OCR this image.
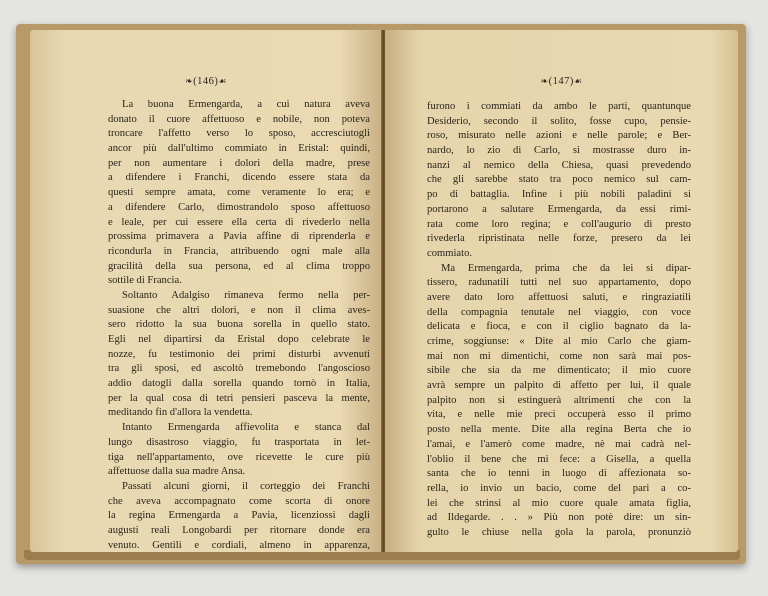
❧(146)☙
La buona Ermengarda, a cui natura aveva
donato il cuore affettuoso e nobile, non poteva
troncare l'affetto verso lo sposo, accresciutogli
ancor più dall'ultimo commiato in Eristal: quindi,
per non aumentare i dolori della madre, prese
a difendere i Franchi, dicendo essere stata da
questi sempre amata, come veramente lo era; e
a difendere Carlo, dimostrandolo sposo affettuoso
e leale, per cui essere ella certa di rivederlo nella
prossima primavera a Pavia affine di riprenderla e
ricondurla in Francia, attribuendo ogni male alla
gracilità della sua persona, ed al clima troppo
sottile di Francia.
Soltanto Adalgiso rimaneva fermo nella per-
suasione che altri dolori, e non il clima aves-
sero ridotto la sua buona sorella in quello stato.
Egli nel dipartirsi da Eristal dopo celebrate le
nozze, fu testimonio dei primi disturbi avvenuti
tra gli sposi, ed ascoltò tremebondo l'angoscioso
addio datogli dalla sorella quando tornò in Italia,
per la qual cosa di tetri pensieri pasceva la mente,
meditando fin d'allora la vendetta.
Intanto Ermengarda affievolita e stanca dal
lungo disastroso viaggio, fu trasportata in let-
tiga nell'appartamento, ove ricevette le cure più
affettuose dalla sua madre Ansa.
Passati alcuni giorni, il corteggio dei Franchi
che aveva accompagnato come scorta di onore
la regina Ermengarda a Pavia, licenziossi dagli
augusti reali Longobardi per ritornare donde era
venuto. Gentili e cordiali, almeno in apparenza,
❧(147)☙
furono i commiati da ambo le parti, quantunque
Desiderio, secondo il solito, fosse cupo, pensie-
roso, misurato nelle azioni e nelle parole; e Ber-
nardo, lo zio di Carlo, si mostrasse duro in-
nanzi al nemico della Chiesa, quasi prevedendo
che gli sarebbe stato tra poco nemico sul cam-
po di battaglia. Infine i più nobili paladini si
portarono a salutare Ermengarda, da essi rimi-
rata come loro regina; e coll'augurio di presto
rivederla ripristinata nelle forze, presero da lei
commiato.
Ma Ermengarda, prima che da lei si dipar-
tissero, radunatili tutti nel suo appartamento, dopo
avere dato loro affettuosi saluti, e ringraziatili
della compagnia tenutale nel viaggio, con voce
delicata e fioca, e con il ciglio bagnato da la-
crime, soggiunse: « Dite al mio Carlo che giam-
mai non mi dimentichi, come non sarà mai pos-
sibile che sia da me dimenticato; il mio cuore
avrà sempre un palpito di affetto per lui, il quale
palpito non si estinguerà altrimenti che con la
vita, e nelle mie preci occuperà esso il primo
posto nella mente. Dite alla regina Berta che io
l'amai, e l'amerò come madre, nè mai cadrà nel-
l'oblio il bene che mi fece: a Gisella, a quella
santa che io tenni in luogo di affezionata so-
rella, io invio un bacio, come del pari a co-
lei che strinsi al mio cuore quale amata figlia,
ad Ildegarde. . . » Più non potè dire: un sin-
gulto le chiuse nella gola la parola, pronunziò
